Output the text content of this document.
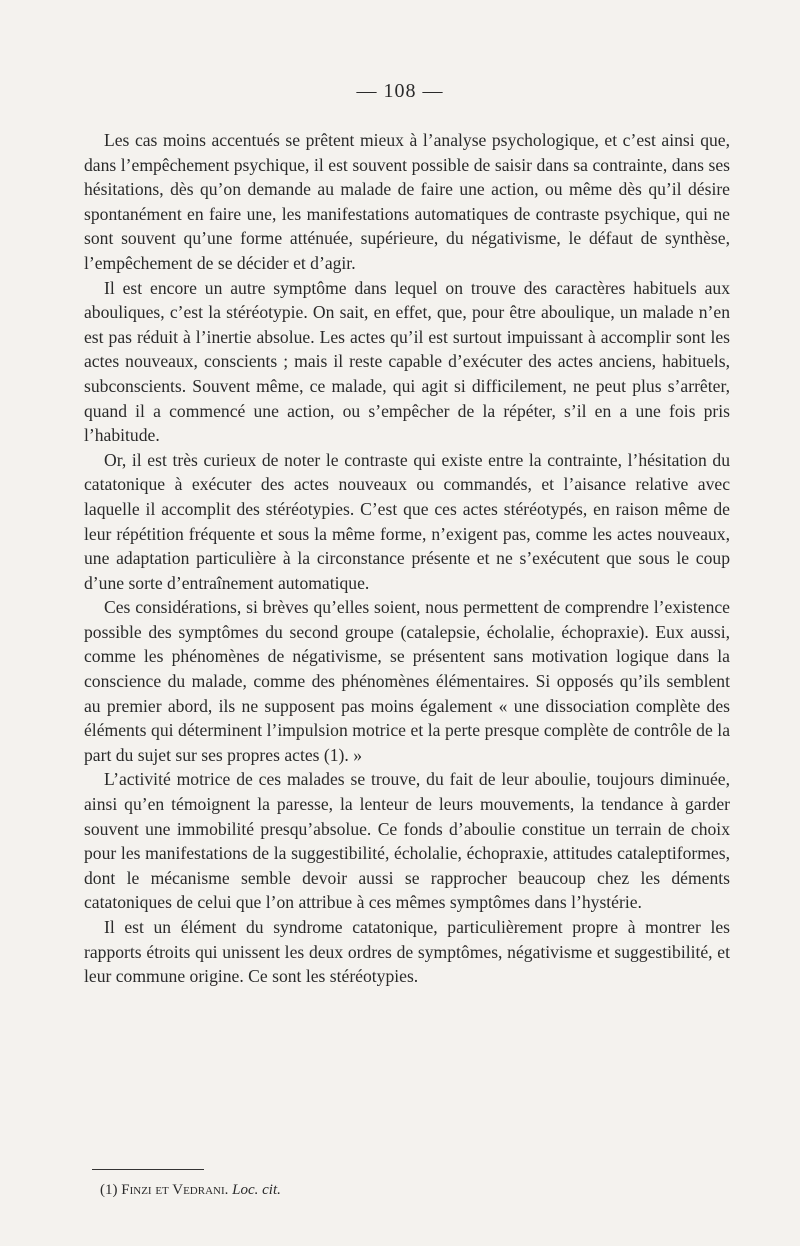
— 108 —

Les cas moins accentués se prêtent mieux à l’analyse psychologique, et c’est ainsi que, dans l’empêchement psychique, il est souvent possible de saisir dans sa contrainte, dans ses hésitations, dès qu’on demande au malade de faire une action, ou même dès qu’il désire spontanément en faire une, les manifestations automatiques de contraste psychique, qui ne sont souvent qu’une forme atténuée, supérieure, du négativisme, le défaut de synthèse, l’empêchement de se décider et d’agir.

Il est encore un autre symptôme dans lequel on trouve des caractères habituels aux abouliques, c’est la stéréotypie. On sait, en effet, que, pour être aboulique, un malade n’en est pas réduit à l’inertie absolue. Les actes qu’il est surtout impuissant à accomplir sont les actes nouveaux, conscients ; mais il reste capable d’exécuter des actes anciens, habituels, subconscients. Souvent même, ce malade, qui agit si difficilement, ne peut plus s’arrêter, quand il a commencé une action, ou s’empêcher de la répéter, s’il en a une fois pris l’habitude.

Or, il est très curieux de noter le contraste qui existe entre la contrainte, l’hésitation du catatonique à exécuter des actes nouveaux ou commandés, et l’aisance relative avec laquelle il accomplit des stéréotypies. C’est que ces actes stéréotypés, en raison même de leur répétition fréquente et sous la même forme, n’exigent pas, comme les actes nouveaux, une adaptation particulière à la circonstance présente et ne s’exécutent que sous le coup d’une sorte d’entraînement automatique.

Ces considérations, si brèves qu’elles soient, nous permettent de comprendre l’existence possible des symptômes du second groupe (catalepsie, écholalie, échopraxie). Eux aussi, comme les phénomènes de négativisme, se présentent sans motivation logique dans la conscience du malade, comme des phénomènes élémentaires. Si opposés qu’ils semblent au premier abord, ils ne supposent pas moins également « une dissociation complète des éléments qui déterminent l’impulsion motrice et la perte presque complète de contrôle de la part du sujet sur ses propres actes (1). »

L’activité motrice de ces malades se trouve, du fait de leur aboulie, toujours diminuée, ainsi qu’en témoignent la paresse, la lenteur de leurs mouvements, la tendance à garder souvent une immobilité presqu’absolue. Ce fonds d’aboulie constitue un terrain de choix pour les manifestations de la suggestibilité, écholalie, échopraxie, attitudes cataleptiformes, dont le mécanisme semble devoir aussi se rapprocher beaucoup chez les déments catatoniques de celui que l’on attribue à ces mêmes symptômes dans l’hystérie.

Il est un élément du syndrome catatonique, particulièrement propre à montrer les rapports étroits qui unissent les deux ordres de symptômes, négativisme et suggestibilité, et leur commune origine. Ce sont les stéréotypies.

(1) Finzi et Vedrani. Loc. cit.
